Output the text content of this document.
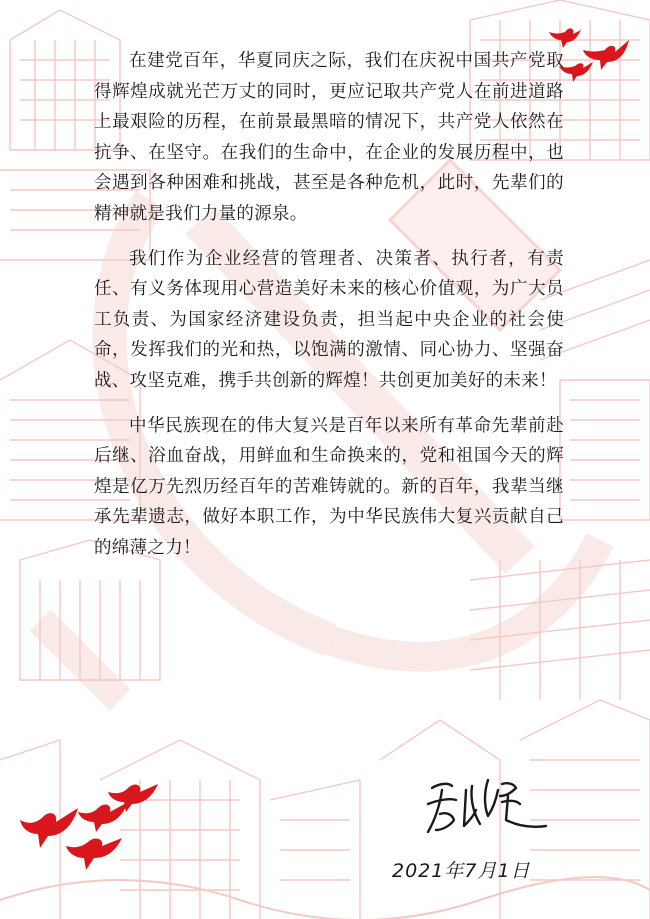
在建党百年，华夏同庆之际，我们在庆祝中国共产党取得辉煌成就光芒万丈的同时，更应记取共产党人在前进道路上最艰险的历程，在前景最黑暗的情况下，共产党人依然在抗争、在坚守。在我们的生命中，在企业的发展历程中，也会遇到各种困难和挑战，甚至是各种危机，此时，先辈们的精神就是我们力量的源泉。

我们作为企业经营的管理者、决策者、执行者，有责任、有义务体现用心营造美好未来的核心价值观，为广大员工负责、为国家经济建设负责，担当起中央企业的社会使命，发挥我们的光和热，以饱满的激情、同心协力、坚强奋战、攻坚克难，携手共创新的辉煌！共创更加美好的未来！

中华民族现在的伟大复兴是百年以来所有革命先辈前赴后继、浴血奋战，用鲜血和生命换来的，党和祖国今天的辉煌是亿万先烈历经百年的苦难铸就的。新的百年，我辈当继承先辈遗志，做好本职工作，为中华民族伟大复兴贡献自己的绵薄之力！

2021年7月1日
